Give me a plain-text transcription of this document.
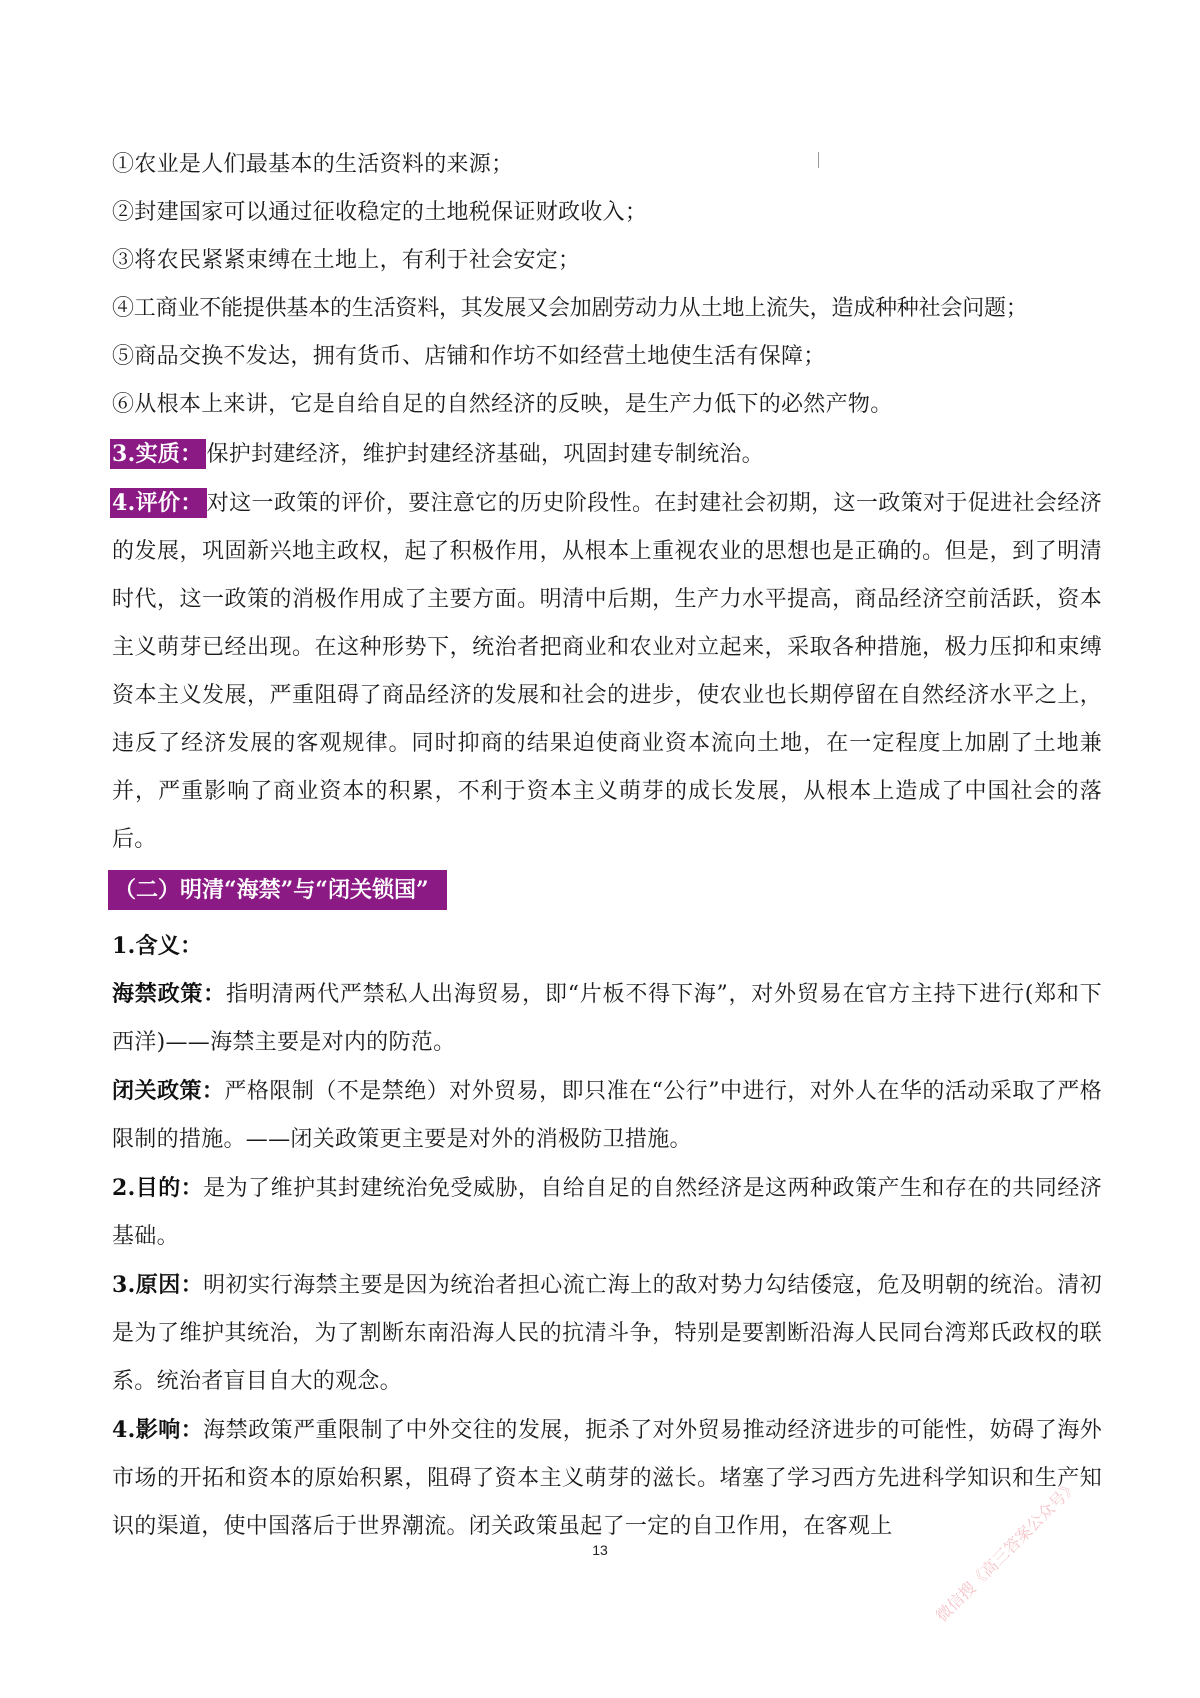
①农业是人们最基本的生活资料的来源；
②封建国家可以通过征收稳定的土地税保证财政收入；
③将农民紧紧束缚在土地上，有利于社会安定；
④工商业不能提供基本的生活资料，其发展又会加剧劳动力从土地上流失，造成种种社会问题；
⑤商品交换不发达，拥有货币、店铺和作坊不如经营土地使生活有保障；
⑥从根本上来讲，它是自给自足的自然经济的反映，是生产力低下的必然产物。
3.实质： 保护封建经济，维护封建经济基础，巩固封建专制统治。
4.评价： 对这一政策的评价，要注意它的历史阶段性。在封建社会初期，这一政策对于促进社会经济的发展，巩固新兴地主政权，起了积极作用，从根本上重视农业的思想也是正确的。但是，到了明清时代，这一政策的消极作用成了主要方面。明清中后期，生产力水平提高，商品经济空前活跃，资本主义萌芽已经出现。在这种形势下，统治者把商业和农业对立起来，采取各种措施，极力压抑和束缚资本主义发展，严重阻碍了商品经济的发展和社会的进步，使农业也长期停留在自然经济水平之上，违反了经济发展的客观规律。同时抑商的结果迫使商业资本流向土地，在一定程度上加剧了土地兼并，严重影响了商业资本的积累，不利于资本主义萌芽的成长发展，从根本上造成了中国社会的落后。
（二）明清“海禁”与“闭关锁国”
1.含义：
海禁政策：指明清两代严禁私人出海贸易，即“片板不得下海”，对外贸易在官方主持下进行(郑和下西洋)——海禁主要是对内的防范。
闭关政策：严格限制（不是禁绝）对外贸易，即只准在“公行”中进行，对外人在华的活动采取了严格限制的措施。——闭关政策更主要是对外的消极防卫措施。
2.目的：是为了维护其封建统治免受威胁，自给自足的自然经济是这两种政策产生和存在的共同经济基础。
3.原因：明初实行海禁主要是因为统治者担心流亡海上的敌对势力勾结倭寇，危及明朝的统治。清初是为了维护其统治，为了割断东南沿海人民的抗清斗争，特别是要割断沿海人民同台湾郑氏政权的联系。统治者盲目自大的观念。
4.影响：海禁政策严重限制了中外交往的发展，扼杀了对外贸易推动经济进步的可能性，妨碍了海外市场的开拓和资本的原始积累，阻碍了资本主义萌芽的滋长。堵塞了学习西方先进科学知识和生产知识的渠道，使中国落后于世界潮流。闭关政策虽起了一定的自卫作用，在客观上
13	微信搜《高三答案公众号》
